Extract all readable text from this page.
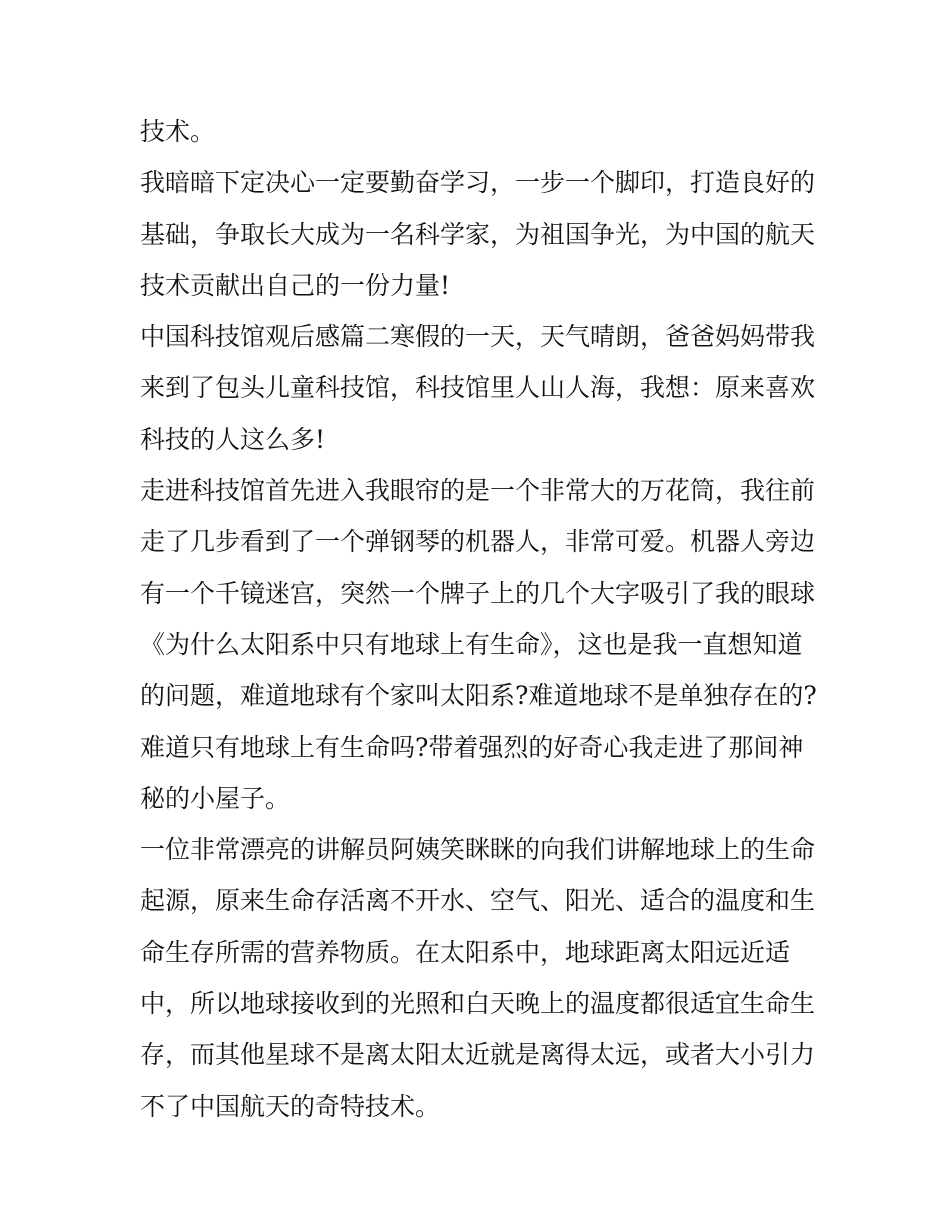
技术。
我暗暗下定决心一定要勤奋学习，一步一个脚印，打造良好的
基础，争取长大成为一名科学家，为祖国争光，为中国的航天
技术贡献出自己的一份力量!
中国科技馆观后感篇二寒假的一天，天气晴朗，爸爸妈妈带我
来到了包头儿童科技馆，科技馆里人山人海，我想：原来喜欢
科技的人这么多!
走进科技馆首先进入我眼帘的是一个非常大的万花筒，我往前
走了几步看到了一个弹钢琴的机器人，非常可爱。机器人旁边
有一个千镜迷宫，突然一个牌子上的几个大字吸引了我的眼球
《为什么太阳系中只有地球上有生命》，这也是我一直想知道
的问题，难道地球有个家叫太阳系?难道地球不是单独存在的?
难道只有地球上有生命吗?带着强烈的好奇心我走进了那间神
秘的小屋子。
一位非常漂亮的讲解员阿姨笑眯眯的向我们讲解地球上的生命
起源，原来生命存活离不开水、空气、阳光、适合的温度和生
命生存所需的营养物质。在太阳系中，地球距离太阳远近适
中，所以地球接收到的光照和白天晚上的温度都很适宜生命生
存，而其他星球不是离太阳太近就是离得太远，或者大小引力
不了中国航天的奇特技术。
